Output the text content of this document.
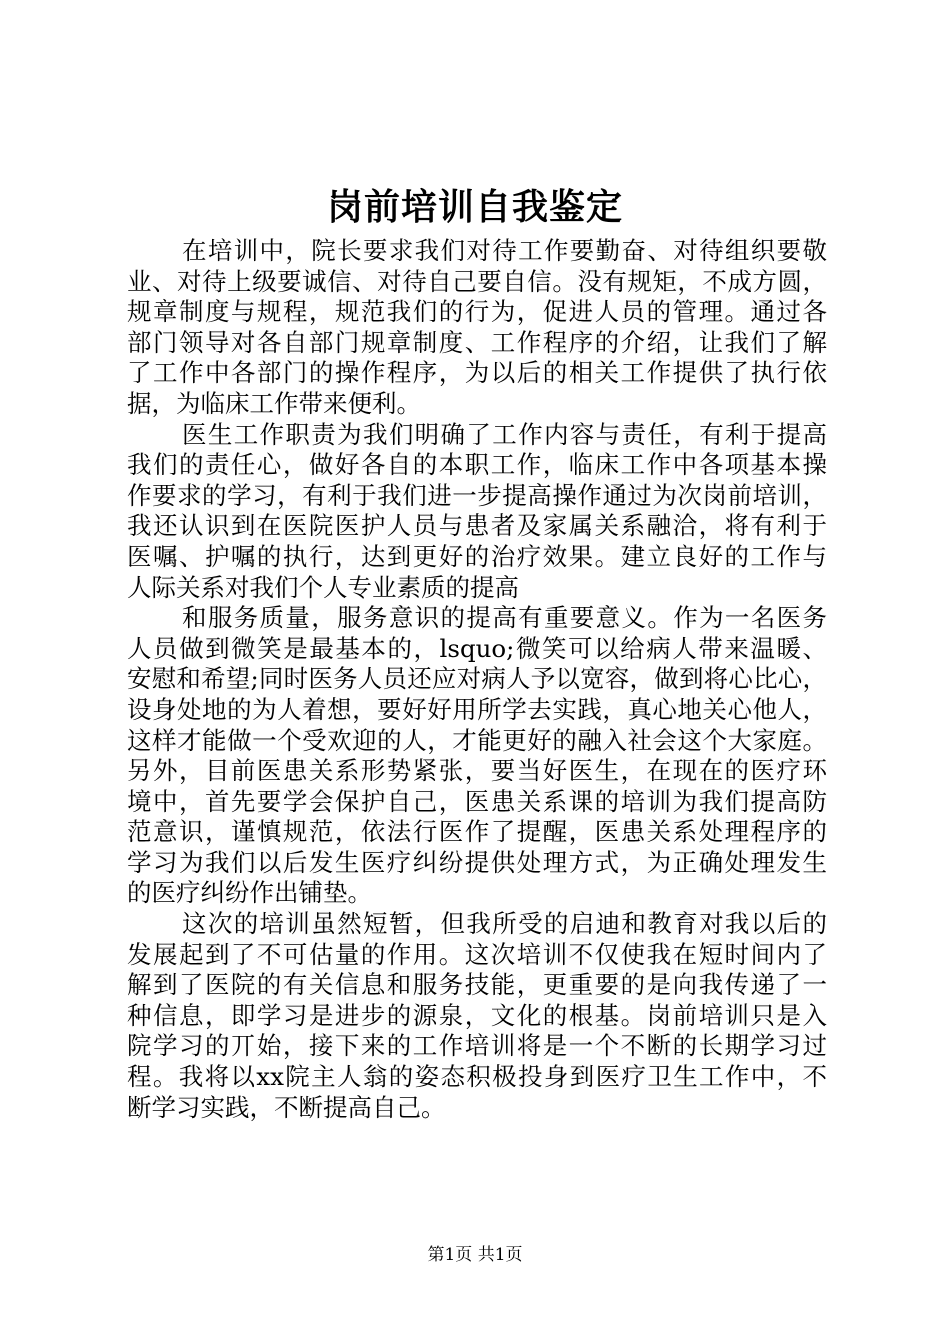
岗前培训自我鉴定
在培训中，院长要求我们对待工作要勤奋、对待组织要敬
业、对待上级要诚信、对待自己要自信。没有规矩，不成方圆，
规章制度与规程，规范我们的行为，促进人员的管理。通过各
部门领导对各自部门规章制度、工作程序的介绍，让我们了解
了工作中各部门的操作程序，为以后的相关工作提供了执行依
据，为临床工作带来便利。
医生工作职责为我们明确了工作内容与责任，有利于提高
我们的责任心，做好各自的本职工作，临床工作中各项基本操
作要求的学习，有利于我们进一步提高操作通过为次岗前培训，
我还认识到在医院医护人员与患者及家属关系融洽，将有利于
医嘱、护嘱的执行，达到更好的治疗效果。建立良好的工作与
人际关系对我们个人专业素质的提高
和服务质量，服务意识的提高有重要意义。作为一名医务
人员做到微笑是最基本的，lsquo;微笑可以给病人带来温暖、
安慰和希望;同时医务人员还应对病人予以宽容，做到将心比心，
设身处地的为人着想，要好好用所学去实践，真心地关心他人，
这样才能做一个受欢迎的人，才能更好的融入社会这个大家庭。
另外，目前医患关系形势紧张，要当好医生，在现在的医疗环
境中，首先要学会保护自己，医患关系课的培训为我们提高防
范意识，谨慎规范，依法行医作了提醒，医患关系处理程序的
学习为我们以后发生医疗纠纷提供处理方式，为正确处理发生
的医疗纠纷作出铺垫。
这次的培训虽然短暂，但我所受的启迪和教育对我以后的
发展起到了不可估量的作用。这次培训不仅使我在短时间内了
解到了医院的有关信息和服务技能，更重要的是向我传递了一
种信息，即学习是进步的源泉，文化的根基。岗前培训只是入
院学习的丌始，接下来的工作培训将是一个不断的长期学习过
程。我将以xx院主人翁的姿态积极投身到医疗卫生工作中，不
断学习实践，不断提高自己。
第1页 共1页
